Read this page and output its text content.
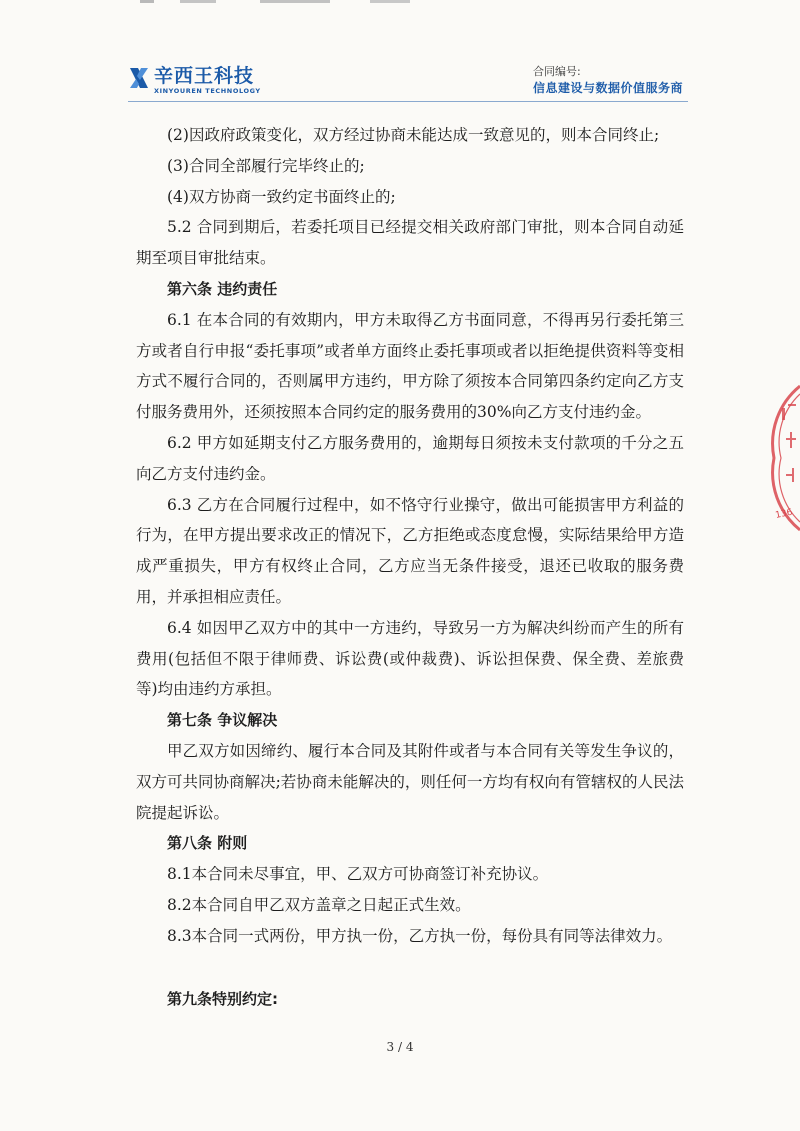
辛西王科技
XINYOUREN TECHNOLOGY
合同编号:
信息建设与数据价值服务商

(2)因政府政策变化，双方经过协商未能达成一致意见的，则本合同终止;

(3)合同全部履行完毕终止的;

(4)双方协商一致约定书面终止的;

5.2 合同到期后，若委托项目已经提交相关政府部门审批，则本合同自动延期至项目审批结束。

第六条 违约责任

6.1 在本合同的有效期内，甲方未取得乙方书面同意，不得再另行委托第三方或者自行申报“委托事项”或者单方面终止委托事项或者以拒绝提供资料等变相方式不履行合同的，否则属甲方违约，甲方除了须按本合同第四条约定向乙方支付服务费用外，还须按照本合同约定的服务费用的30%向乙方支付违约金。

6.2 甲方如延期支付乙方服务费用的，逾期每日须按未支付款项的千分之五向乙方支付违约金。

6.3 乙方在合同履行过程中，如不恪守行业操守，做出可能损害甲方利益的行为，在甲方提出要求改正的情况下，乙方拒绝或态度怠慢，实际结果给甲方造成严重损失，甲方有权终止合同，乙方应当无条件接受，退还已收取的服务费用，并承担相应责任。

6.4 如因甲乙双方中的其中一方违约，导致另一方为解决纠纷而产生的所有费用(包括但不限于律师费、诉讼费(或仲裁费)、诉讼担保费、保全费、差旅费等)均由违约方承担。

第七条 争议解决

甲乙双方如因缔约、履行本合同及其附件或者与本合同有关等发生争议的，双方可共同协商解决;若协商未能解决的，则任何一方均有权向有管辖权的人民法院提起诉讼。

第八条 附则

8.1本合同未尽事宜，甲、乙双方可协商签订补充协议。

8.2本合同自甲乙双方盖章之日起正式生效。

8.3本合同一式两份，甲方执一份，乙方执一份，每份具有同等法律效力。

第九条特别约定:

136
3 / 4
